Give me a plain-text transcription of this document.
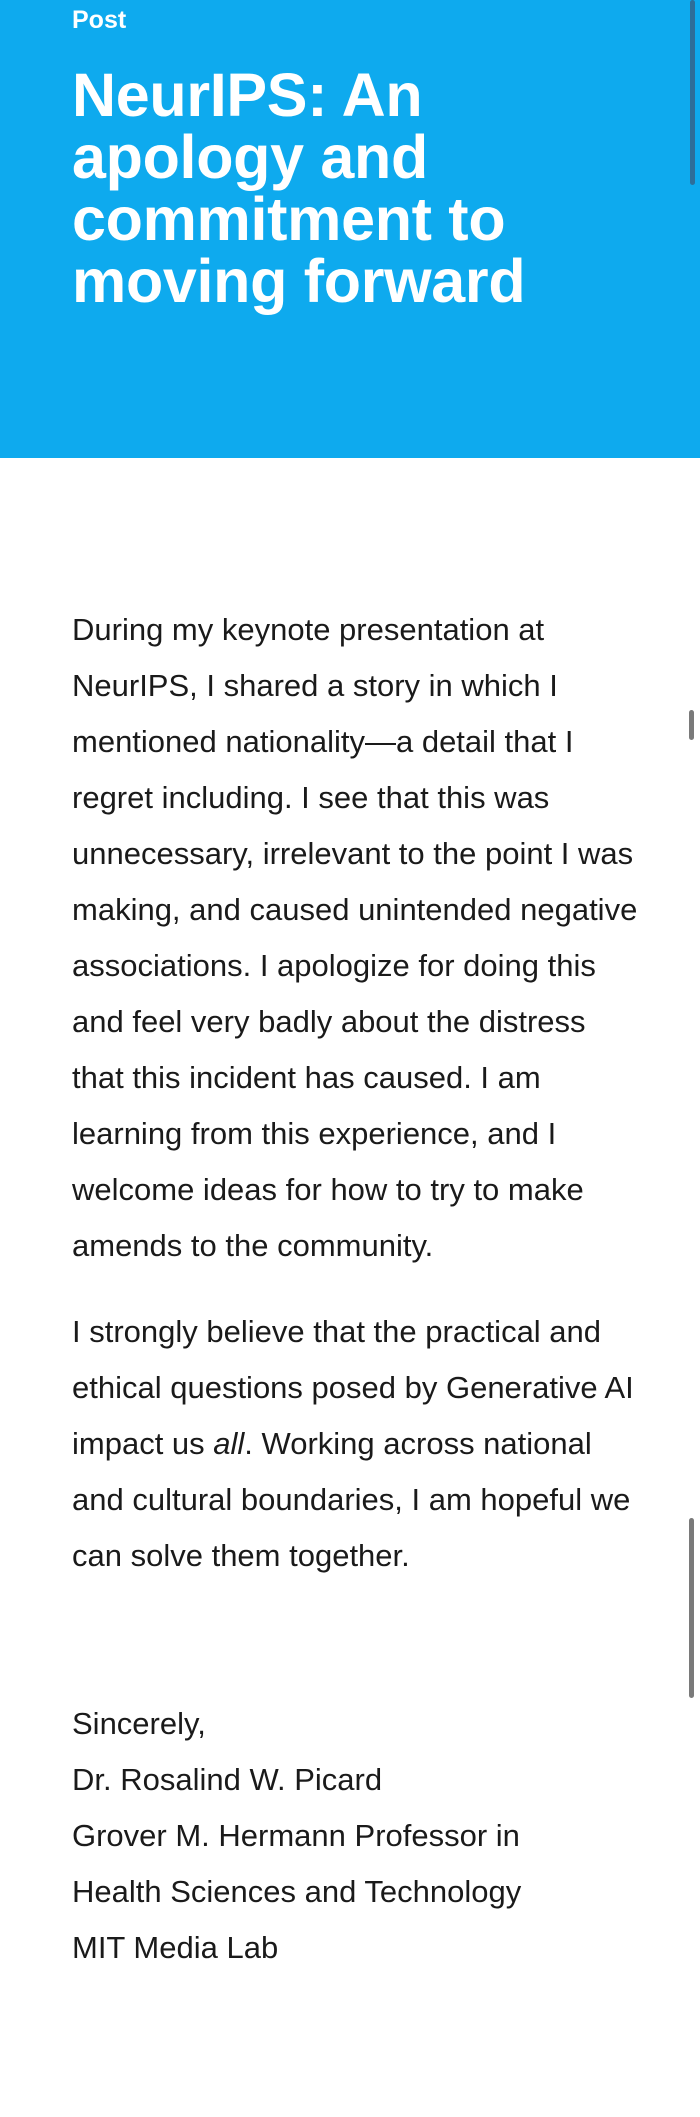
Post

NeurIPS: An apology and commitment to moving forward

During my keynote presentation at NeurIPS, I shared a story in which I mentioned nationality—a detail that I regret including. I see that this was unnecessary, irrelevant to the point I was making, and caused unintended negative associations. I apologize for doing this and feel very badly about the distress that this incident has caused. I am learning from this experience, and I welcome ideas for how to try to make amends to the community.

I strongly believe that the practical and ethical questions posed by Generative AI impact us all. Working across national and cultural boundaries, I am hopeful we can solve them together.

Sincerely,
Dr. Rosalind W. Picard
Grover M. Hermann Professor in
Health Sciences and Technology
MIT Media Lab
